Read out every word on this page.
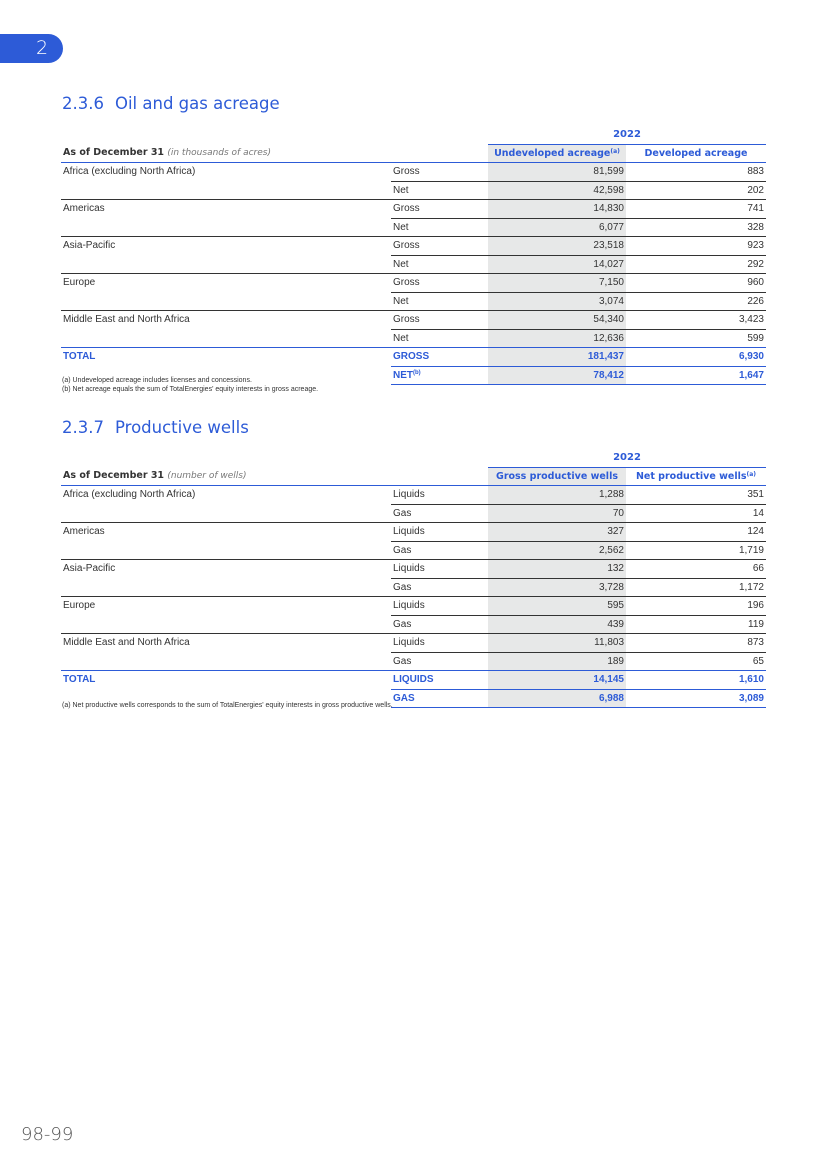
2
2.3.6 Oil and gas acreage
		2022	
As of December 31 (in thousands of acres)		Undeveloped acreage$^{(a)}$	Developed acreage
Africa (excluding North Africa)	Gross	81,599	883
	Net	42,598	202
Americas	Gross	14,830	741
	Net	6,077	328
Asia-Pacific	Gross	23,518	923
	Net	14,027	292
Europe	Gross	7,150	960
	Net	3,074	226
Middle East and North Africa	Gross	54,340	3,423
	Net	12,636	599
TOTAL	GROSS	181,437	6,930
	NET$^{(b)}$	78,412	1,647

(a) Undeveloped acreage includes licenses and concessions.

(b) Net acreage equals the sum of TotalEnergies' equity interests in gross acreage.

2.3.7 Productive wells
		2022	
As of December 31 (number of wells)		Gross productive wells	Net productive wells$^{(a)}$
Africa (excluding North Africa)	Liquids	1,288	351
	Gas	70	14
Americas	Liquids	327	124
	Gas	2,562	1,719
Asia-Pacific	Liquids	132	66
	Gas	3,728	1,172
Europe	Liquids	595	196
	Gas	439	119
Middle East and North Africa	Liquids	11,803	873
	Gas	189	65
TOTAL	LIQUIDS	14,145	1,610
	GAS	6,988	3,089

(a) Net productive wells corresponds to the sum of TotalEnergies' equity interests in gross productive wells.

98-99
